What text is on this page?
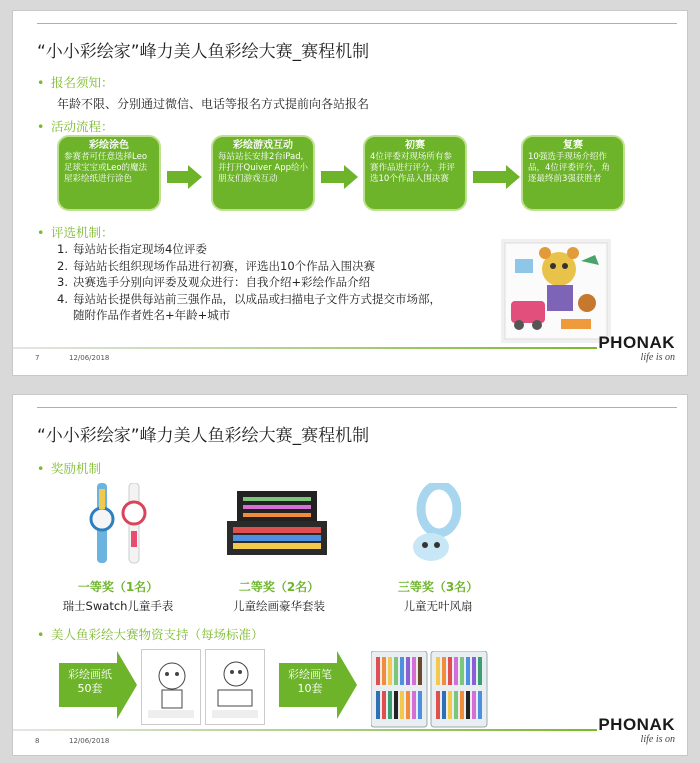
“小小彩绘家”峰力美人鱼彩绘大赛_赛程机制
• 报名须知：
年龄不限、分别通过微信、电话等报名方式提前向各站报名
• 活动流程：
彩绘涂色
参赛者可任意选择Leo足球宝宝或Leo的魔法屋彩绘纸进行涂色
彩绘游戏互动
每站站长安排2台iPad,并打开Quiver App给小朋友们游戏互动
初赛
4位评委对现场所有参赛作品进行评分，并评选10个作品入围决赛
复赛
10强选手现场介绍作品，4位评委评分，角逐最终前3强获胜者
• 评选机制：
1. 每站站长指定现场4位评委
2. 每站站长组织现场作品进行初赛，评选出10个作品入围决赛
3. 决赛选手分别向评委及观众进行：自我介绍+彩绘作品介绍
4. 每站站长提供每站前三强作品，以成品或扫描电子文件方式提交市场部，
随附作品作者姓名+年龄+城市
7	12/06/2018
PHONAK
life is on
“小小彩绘家”峰力美人鱼彩绘大赛_赛程机制
• 奖励机制
一等奖（1名）
瑞士Swatch儿童手表
二等奖（2名）
儿童绘画豪华套装
三等奖（3名）
儿童无叶风扇
• 美人鱼彩绘大赛物资支持（每场标准）
彩绘画纸
50套
彩绘画笔
10套
8	12/06/2018
PHONAK
life is on
